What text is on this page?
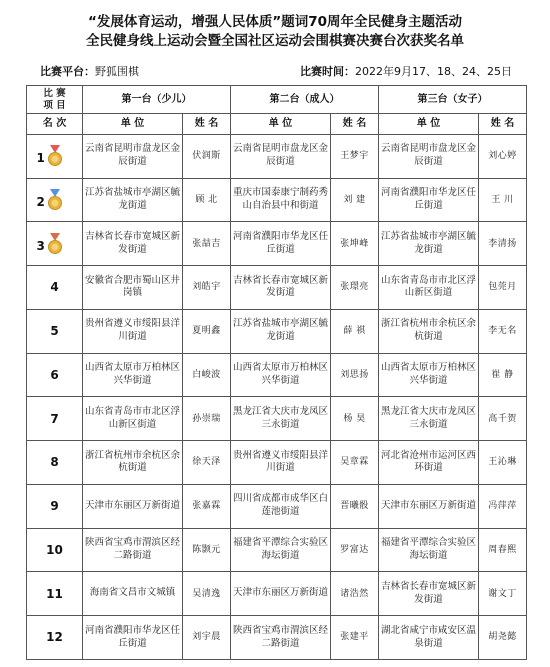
“发展体育运动，增强人民体质”题词70周年全民健身主题活动
全民健身线上运动会暨全国社区运动会围棋赛决赛台次获奖名单
比赛平台：野狐围棋	比赛时间：2022年9月17、18、24、25日
比 赛
项 目	第一台（少儿）		第二台（成人）		第三台（女子）	
名 次	单 位	姓 名	单 位	姓 名	单 位	姓 名

1	云南省昆明市盘龙区金辰街道	伏润斯	云南省昆明市盘龙区金辰街道	王梦宇	云南省昆明市盘龙区金辰街道	刘心婷

2	江苏省盐城市亭湖区毓龙街道	顾 北	重庆市国泰康宁制药秀山自治县中和街道	刘 建	河南省濮阳市华龙区任丘街道	王 川

3	吉林省长春市宽城区新发街道	张喆吉	河南省濮阳市华龙区任丘街道	张坤峰	江苏省盐城市亭湖区毓龙街道	李清扬
4	安徽省合肥市蜀山区井岗镇	刘皓宇	吉林省长春市宽城区新发街道	张璟亮	山东省青岛市市北区浮山新区街道	包莞月
5	贵州省遵义市绥阳县洋川街道	夏明鑫	江苏省盐城市亭湖区毓龙街道	薛 祺	浙江省杭州市余杭区余杭街道	李无名
6	山西省太原市万柏林区兴华街道	白峻波	山西省太原市万柏林区兴华街道	刘思扬	山西省太原市万柏林区兴华街道	崔 静
7	山东省青岛市市北区浮山新区街道	孙崇瑞	黑龙江省大庆市龙凤区三永街道	杨 昊	黑龙江省大庆市龙凤区三永街道	高千贺
8	浙江省杭州市余杭区余杭街道	徐天泽	贵州省遵义市绥阳县洋川街道	吴章霖	河北省沧州市运河区西环街道	王沁琳
9	天津市东丽区万新街道	张嘉霖	四川省成都市成华区白莲池街道	晋曦骰	天津市东丽区万新街道	冯萍萍
10	陕西省宝鸡市渭滨区经二路街道	陈颢元	福建省平潭综合实验区海坛街道	罗富达	福建省平潭综合实验区海坛街道	周春熙
11	海南省文昌市文城镇	吴清逸	天津市东丽区万新街道	诸浩然	吉林省长春市宽城区新发街道	谢文丁
12	河南省濮阳市华龙区任丘街道	刘宇晨	陕西省宝鸡市渭滨区经二路街道	张建平	湖北省咸宁市咸安区温泉街道	胡尧懿
